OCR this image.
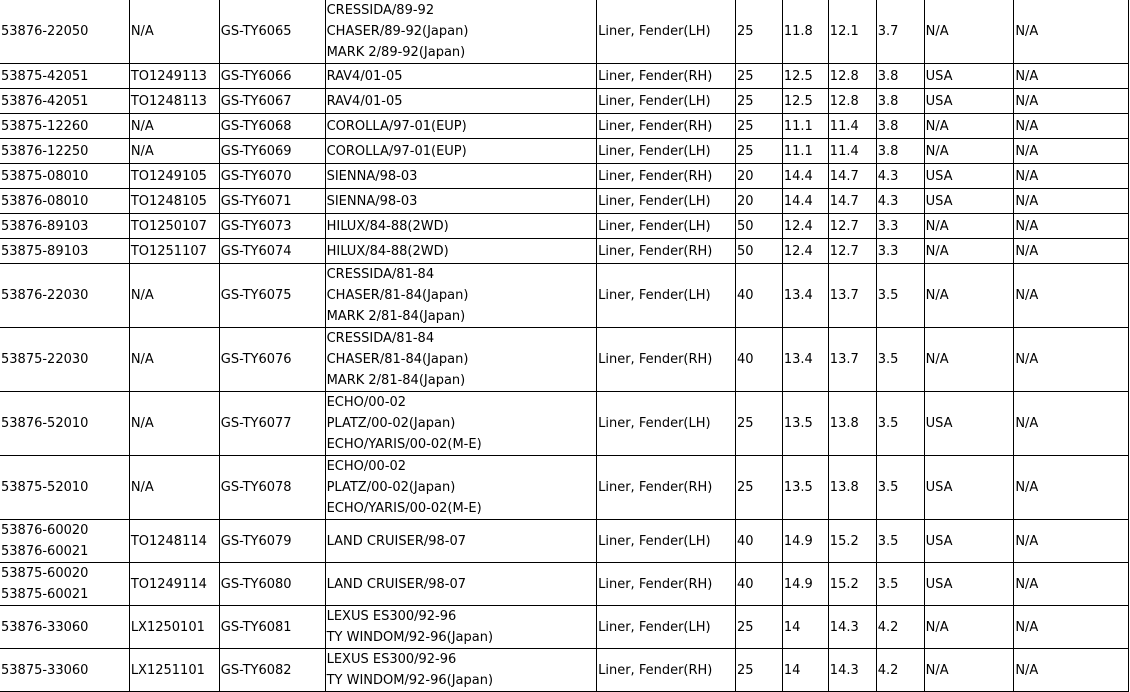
53876-22050	N/A	GS-TY6065	CRESSIDA/89-92
CHASER/89-92(Japan)
MARK 2/89-92(Japan)	Liner, Fender(LH)	25	11.8	12.1	3.7	N/A	N/A

53875-42051	TO1249113	GS-TY6066	RAV4/01-05	Liner, Fender(RH)	25	12.5	12.8	3.8	USA	N/A

53876-42051	TO1248113	GS-TY6067	RAV4/01-05	Liner, Fender(LH)	25	12.5	12.8	3.8	USA	N/A

53875-12260	N/A	GS-TY6068	COROLLA/97-01(EUP)	Liner, Fender(RH)	25	11.1	11.4	3.8	N/A	N/A

53876-12250	N/A	GS-TY6069	COROLLA/97-01(EUP)	Liner, Fender(LH)	25	11.1	11.4	3.8	N/A	N/A

53875-08010	TO1249105	GS-TY6070	SIENNA/98-03	Liner, Fender(RH)	20	14.4	14.7	4.3	USA	N/A

53876-08010	TO1248105	GS-TY6071	SIENNA/98-03	Liner, Fender(LH)	20	14.4	14.7	4.3	USA	N/A

53876-89103	TO1250107	GS-TY6073	HILUX/84-88(2WD)	Liner, Fender(LH)	50	12.4	12.7	3.3	N/A	N/A

53875-89103	TO1251107	GS-TY6074	HILUX/84-88(2WD)	Liner, Fender(RH)	50	12.4	12.7	3.3	N/A	N/A

53876-22030	N/A	GS-TY6075	CRESSIDA/81-84
CHASER/81-84(Japan)
MARK 2/81-84(Japan)	Liner, Fender(LH)	40	13.4	13.7	3.5	N/A	N/A

53875-22030	N/A	GS-TY6076	CRESSIDA/81-84
CHASER/81-84(Japan)
MARK 2/81-84(Japan)	Liner, Fender(RH)	40	13.4	13.7	3.5	N/A	N/A

53876-52010	N/A	GS-TY6077	ECHO/00-02
PLATZ/00-02(Japan)
ECHO/YARIS/00-02(M-E)	Liner, Fender(LH)	25	13.5	13.8	3.5	USA	N/A

53875-52010	N/A	GS-TY6078	ECHO/00-02
PLATZ/00-02(Japan)
ECHO/YARIS/00-02(M-E)	Liner, Fender(RH)	25	13.5	13.8	3.5	USA	N/A

53876-60020
53876-60021	TO1248114	GS-TY6079	LAND CRUISER/98-07	Liner, Fender(LH)	40	14.9	15.2	3.5	USA	N/A

53875-60020
53875-60021	TO1249114	GS-TY6080	LAND CRUISER/98-07	Liner, Fender(RH)	40	14.9	15.2	3.5	USA	N/A

53876-33060	LX1250101	GS-TY6081	LEXUS ES300/92-96
TY WINDOM/92-96(Japan)	Liner, Fender(LH)	25	14	14.3	4.2	N/A	N/A

53875-33060	LX1251101	GS-TY6082	LEXUS ES300/92-96
TY WINDOM/92-96(Japan)	Liner, Fender(RH)	25	14	14.3	4.2	N/A	N/A
